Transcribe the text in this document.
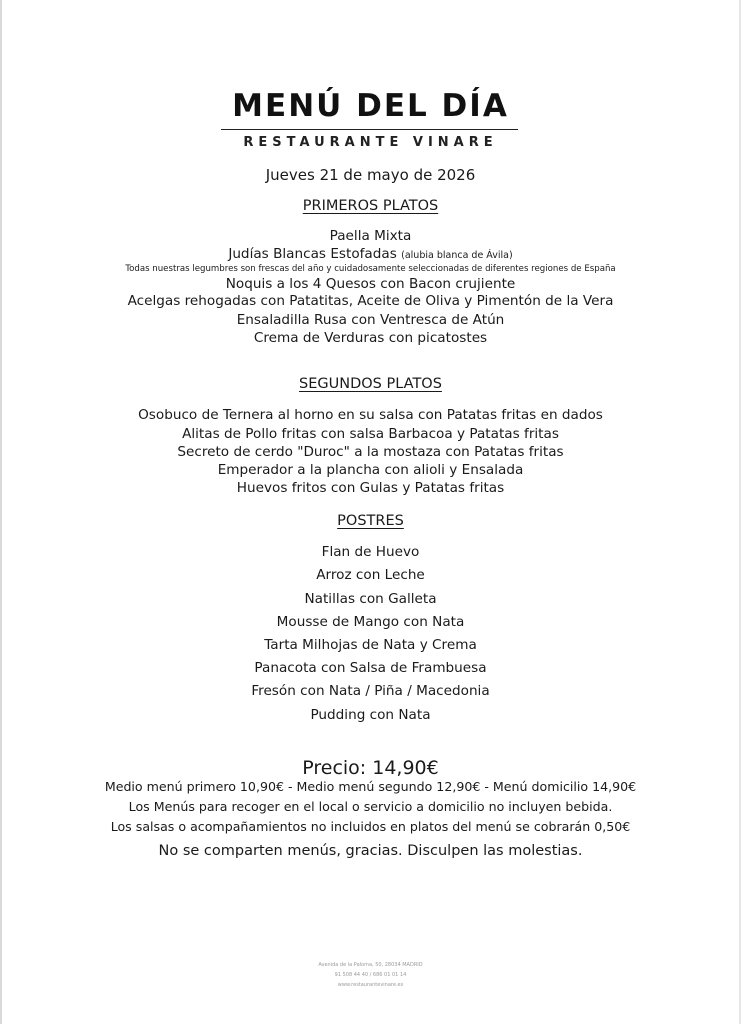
MENÚ DEL DÍA
RESTAURANTE VINARE
Jueves 21 de mayo de 2026
PRIMEROS PLATOS
Paella Mixta
Judías Blancas Estofadas (alubia blanca de Ávila)
Todas nuestras legumbres son frescas del año y cuidadosamente seleccionadas de diferentes regiones de España
Noquis a los 4 Quesos con Bacon crujiente
Acelgas rehogadas con Patatitas, Aceite de Oliva y Pimentón de la Vera
Ensaladilla Rusa con Ventresca de Atún
Crema de Verduras con picatostes
SEGUNDOS PLATOS
Osobuco de Ternera al horno en su salsa con Patatas fritas en dados
Alitas de Pollo fritas con salsa Barbacoa y Patatas fritas
Secreto de cerdo "Duroc" a la mostaza con Patatas fritas
Emperador a la plancha con alioli y Ensalada
Huevos fritos con Gulas y Patatas fritas
POSTRES
Flan de Huevo
Arroz con Leche
Natillas con Galleta
Mousse de Mango con Nata
Tarta Milhojas de Nata y Crema
Panacota con Salsa de Frambuesa
Fresón con Nata / Piña / Macedonia
Pudding con Nata
Precio: 14,90€
Medio menú primero 10,90€ - Medio menú segundo 12,90€ - Menú domicilio 14,90€
Los Menús para recoger en el local o servicio a domicilio no incluyen bebida.
Los salsas o acompañamientos no incluidos en platos del menú se cobrarán 0,50€
No se comparten menús, gracias. Disculpen las molestias.
Avenida de la Paloma, 50, 28034 MADRID
91 508 44 40 / 686 01 01 14
www.restaurantevinare.es
